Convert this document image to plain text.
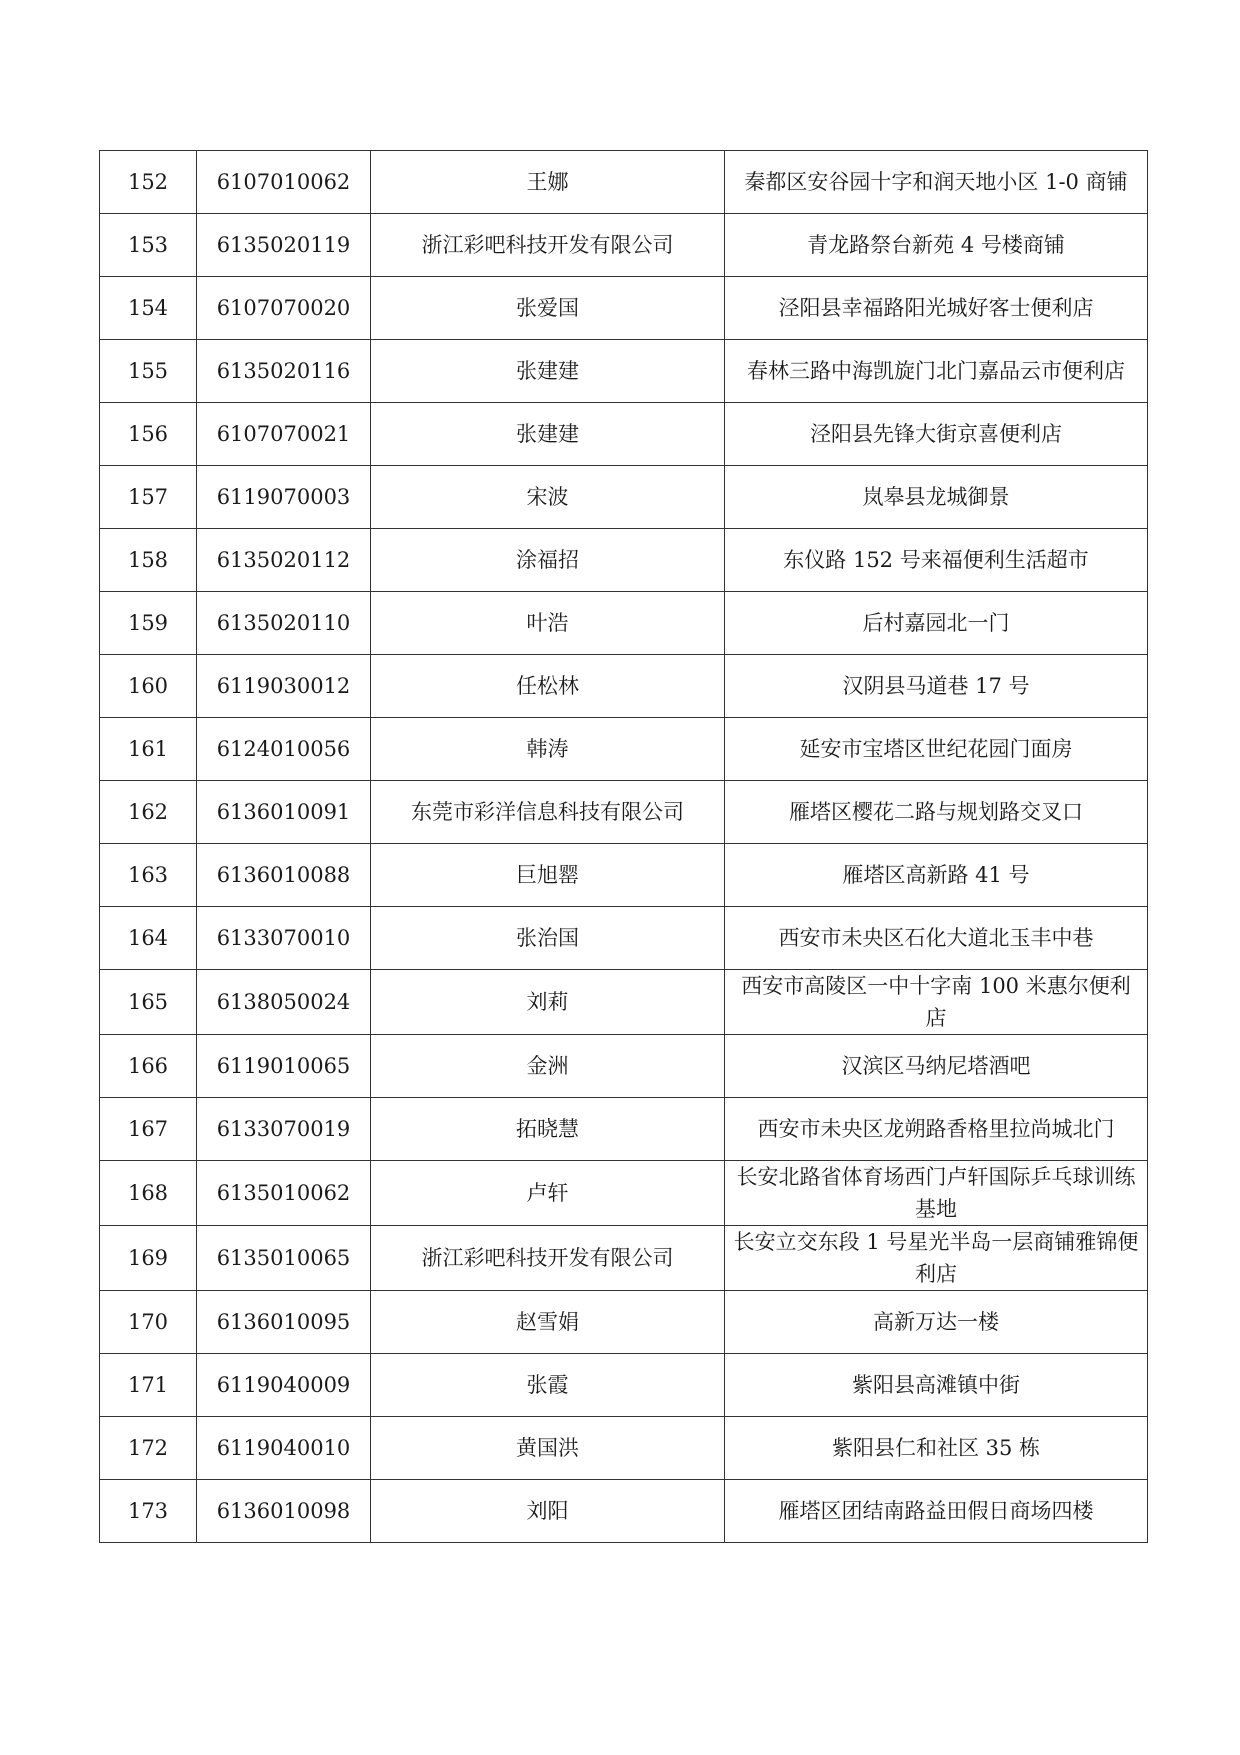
152	6107010062	王娜	秦都区安谷园十字和润天地小区 1-0 商铺
153	6135020119	浙江彩吧科技开发有限公司	青龙路祭台新苑 4 号楼商铺
154	6107070020	张爱国	泾阳县幸福路阳光城好客士便利店
155	6135020116	张建建	春林三路中海凯旋门北门嘉品云市便利店
156	6107070021	张建建	泾阳县先锋大街京喜便利店
157	6119070003	宋波	岚皋县龙城御景
158	6135020112	涂福招	东仪路 152 号来福便利生活超市
159	6135020110	叶浩	后村嘉园北一门
160	6119030012	任松林	汉阴县马道巷 17 号
161	6124010056	韩涛	延安市宝塔区世纪花园门面房
162	6136010091	东莞市彩洋信息科技有限公司	雁塔区樱花二路与规划路交叉口
163	6136010088	巨旭罂	雁塔区高新路 41 号
164	6133070010	张治国	西安市未央区石化大道北玉丰中巷
165	6138050024	刘莉	西安市高陵区一中十字南 100 米惠尔便利店
166	6119010065	金洲	汉滨区马纳尼塔酒吧
167	6133070019	拓晓慧	西安市未央区龙朔路香格里拉尚城北门
168	6135010062	卢轩	长安北路省体育场西门卢轩国际乒乓球训练基地
169	6135010065	浙江彩吧科技开发有限公司	长安立交东段 1 号星光半岛一层商铺雅锦便利店
170	6136010095	赵雪娟	高新万达一楼
171	6119040009	张霞	紫阳县高滩镇中街
172	6119040010	黄国洪	紫阳县仁和社区 35 栋
173	6136010098	刘阳	雁塔区团结南路益田假日商场四楼
